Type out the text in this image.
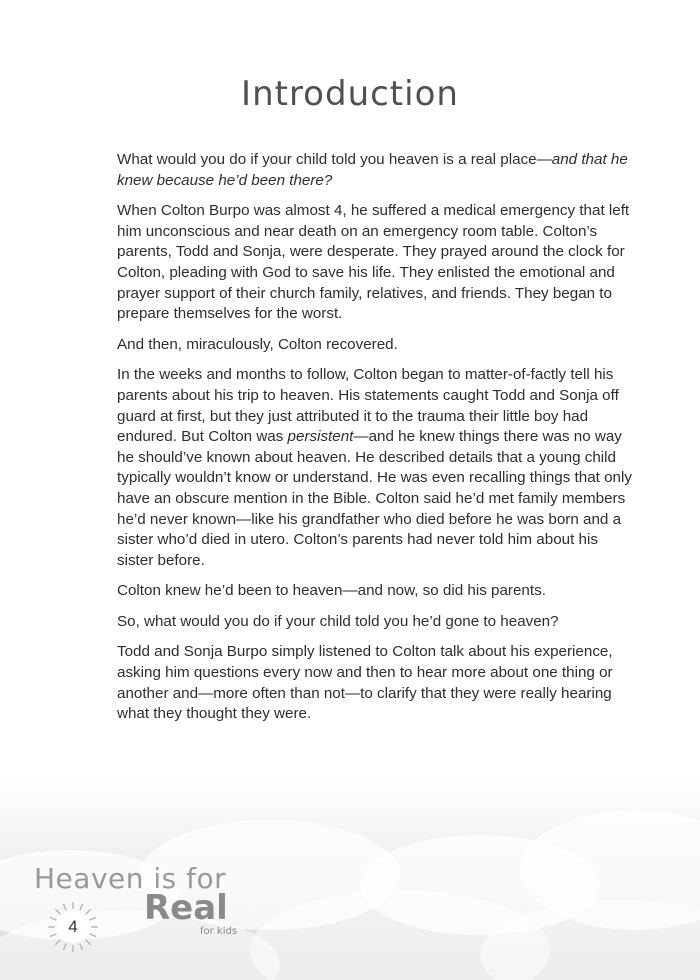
Introduction

What would you do if your child told you heaven is a real place—and that he knew because he’d been there?

When Colton Burpo was almost 4, he suffered a medical emergency that left him unconscious and near death on an emergency room table. Colton’s parents, Todd and Sonja, were desperate. They prayed around the clock for Colton, pleading with God to save his life. They enlisted the emotional and prayer support of their church family, relatives, and friends. They began to prepare themselves for the worst.

And then, miraculously, Colton recovered.

In the weeks and months to follow, Colton began to matter-of-factly tell his parents about his trip to heaven. His statements caught Todd and Sonja off guard at first, but they just attributed it to the trauma their little boy had endured. But Colton was persistent—and he knew things there was no way he should’ve known about heaven. He described details that a young child typically wouldn’t know or understand. He was even recalling things that only have an obscure mention in the Bible. Colton said he’d met family members he’d never known—like his grandfather who died before he was born and a sister who’d died in utero. Colton’s parents had never told him about his sister before.

Colton knew he’d been to heaven—and now, so did his parents.

So, what would you do if your child told you he’d gone to heaven?

Todd and Sonja Burpo simply listened to Colton talk about his experience, asking him questions every now and then to hear more about one thing or another and—more often than not—to clarify that they were really hearing what they thought they were.

Heaven is for
Real
for kids
4
